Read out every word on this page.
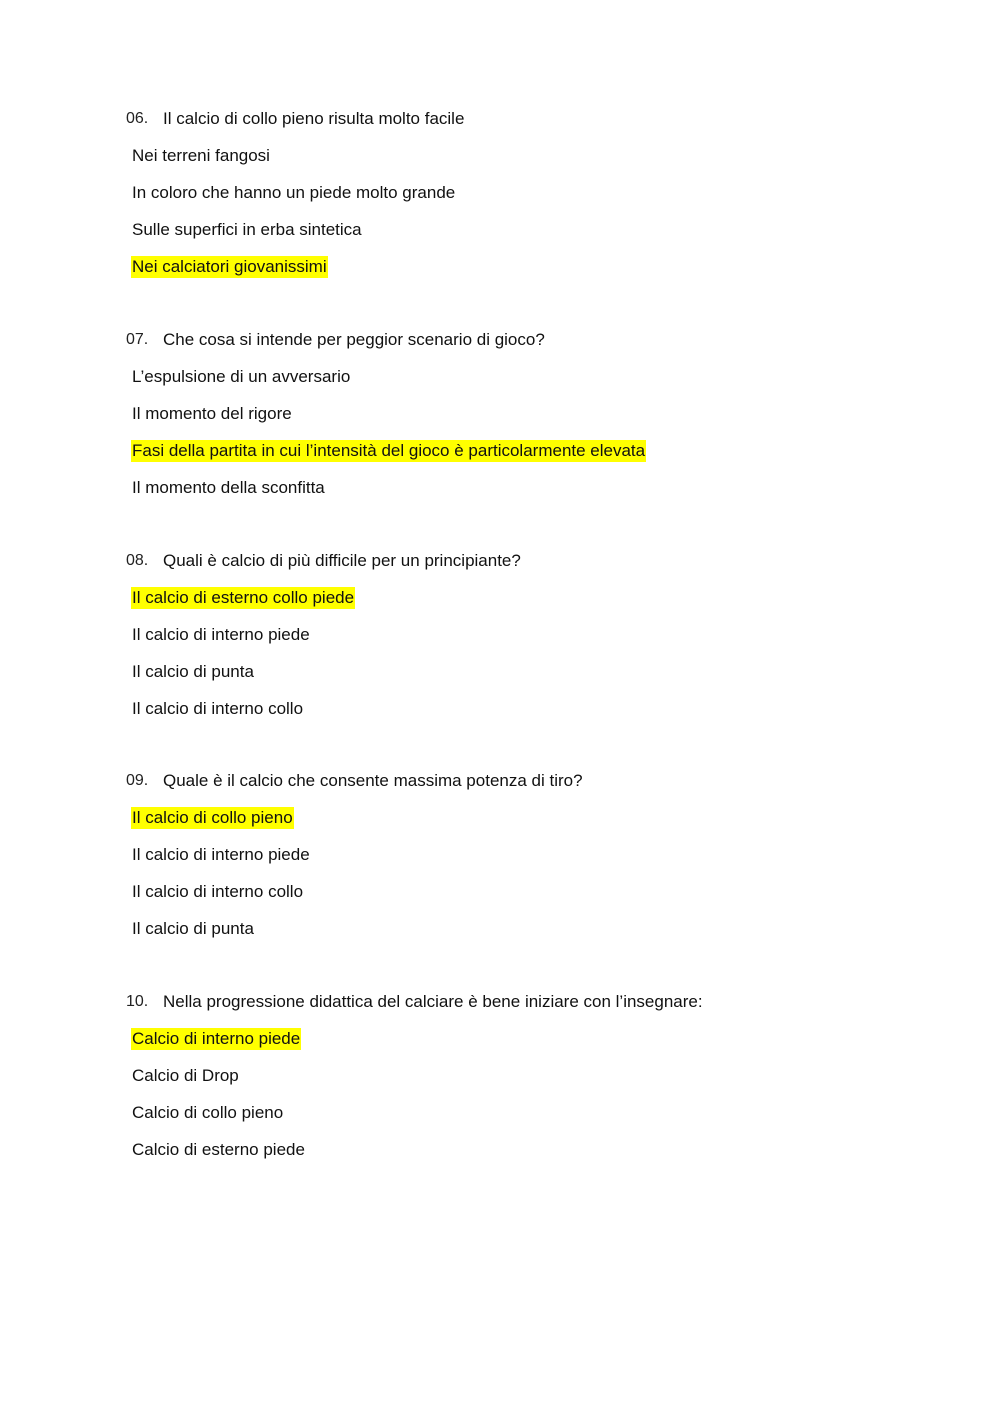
06. Il calcio di collo pieno risulta molto facile
Nei terreni fangosi
In coloro che hanno un piede molto grande
Sulle superfici in erba sintetica
Nei calciatori giovanissimi
07. Che cosa si intende per peggior scenario di gioco?
L’espulsione di un avversario
Il momento del rigore
Fasi della partita in cui l’intensità del gioco è particolarmente elevata
Il momento della sconfitta
08. Quali è calcio di più difficile per un principiante?
Il calcio di esterno collo piede
Il calcio di interno piede
Il calcio di punta
Il calcio di interno collo
09. Quale è il calcio che consente massima potenza di tiro?
Il calcio di collo pieno
Il calcio di interno piede
Il calcio di interno collo
Il calcio di punta
10. Nella progressione didattica del calciare è bene iniziare con l’insegnare:
Calcio di interno piede
Calcio di Drop
Calcio di collo pieno
Calcio di esterno piede
